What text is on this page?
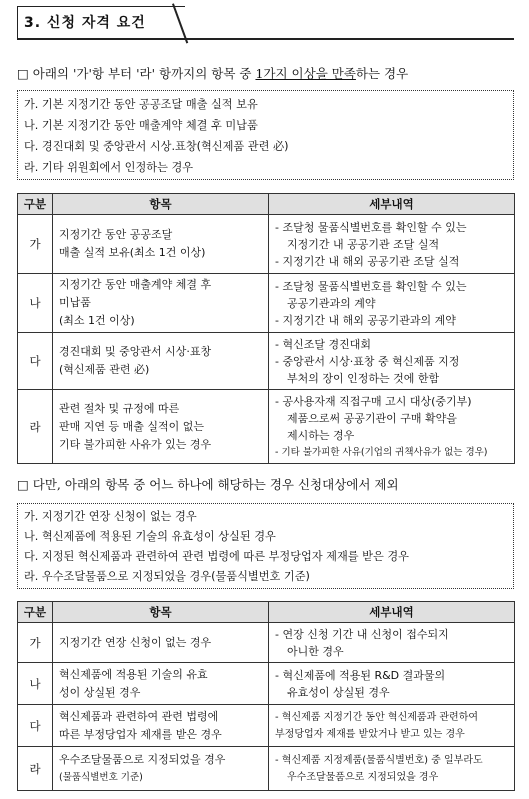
3. 신청 자격 요건
□ 아래의 '가'항 부터 '라' 항까지의 항목 중 1가지 이상을 만족하는 경우
가. 기본 지정기간 동안 공공조달 매출 실적 보유
나. 기본 지정기간 동안 매출계약 체결 후 미납품
다. 경진대회 및 중앙관서 시상.표창(혁신제품 관련 必)
라. 기타 위원회에서 인정하는 경우
구분	항목	세부내역
가	지정기간 동안 공공조달
매출 실적 보유(최소 1건 이상)	- 조달청 물품식별번호를 확인할 수 있는
지정기간 내 공공기관 조달 실적
- 지정기간 내 해외 공공기관 조달 실적

나	지정기간 동안 매출계약 체결 후
미납품
(최소 1건 이상)	- 조달청 물품식별번호를 확인할 수 있는
공공기관과의 계약
- 지정기간 내 해외 공공기관과의 계약

다	경진대회 및 중앙관서 시상·표창
(혁신제품 관련 必)	- 혁신조달 경진대회
- 중앙관서 시상·표창 중 혁신제품 지정
부처의 장이 인정하는 것에 한함

라	관련 절차 및 규정에 따른
판매 지연 등 매출 실적이 없는
기타 불가피한 사유가 있는 경우	- 공사용자재 직접구매 고시 대상(중기부)
제품으로써 공공기관이 구매 확약을
제시하는 경우
- 기타 불가피한 사유(기업의 귀책사유가 없는 경우)
□ 다만, 아래의 항목 중 어느 하나에 해당하는 경우 신청대상에서 제외
가. 지정기간 연장 신청이 없는 경우
나. 혁신제품에 적용된 기술의 유효성이 상실된 경우
다. 지정된 혁신제품과 관련하여 관련 법령에 따른 부정당업자 제재를 받은 경우
라. 우수조달물품으로 지정되었을 경우(물품식별번호 기준)
구분	항목	세부내역
가	지정기간 연장 신청이 없는 경우	- 연장 신청 기간 내 신청이 접수되지
아니한 경우

나	혁신제품에 적용된 기술의 유효
성이 상실된 경우	- 혁신제품에 적용된 R&D 결과물의
유효성이 상실된 경우

다	혁신제품과 관련하여 관련 법령에
따른 부정당업자 제재를 받은 경우	- 혁신제품 지정기간 동안 혁신제품과 관련하여
부정당업자 제재를 받았거나 받고 있는 경우

라	우수조달물품으로 지정되었을 경우
(물품식별번호 기준)	- 혁신제품 지정제품(물품식별번호) 중 일부라도
우수조달물품으로 지정되었을 경우
